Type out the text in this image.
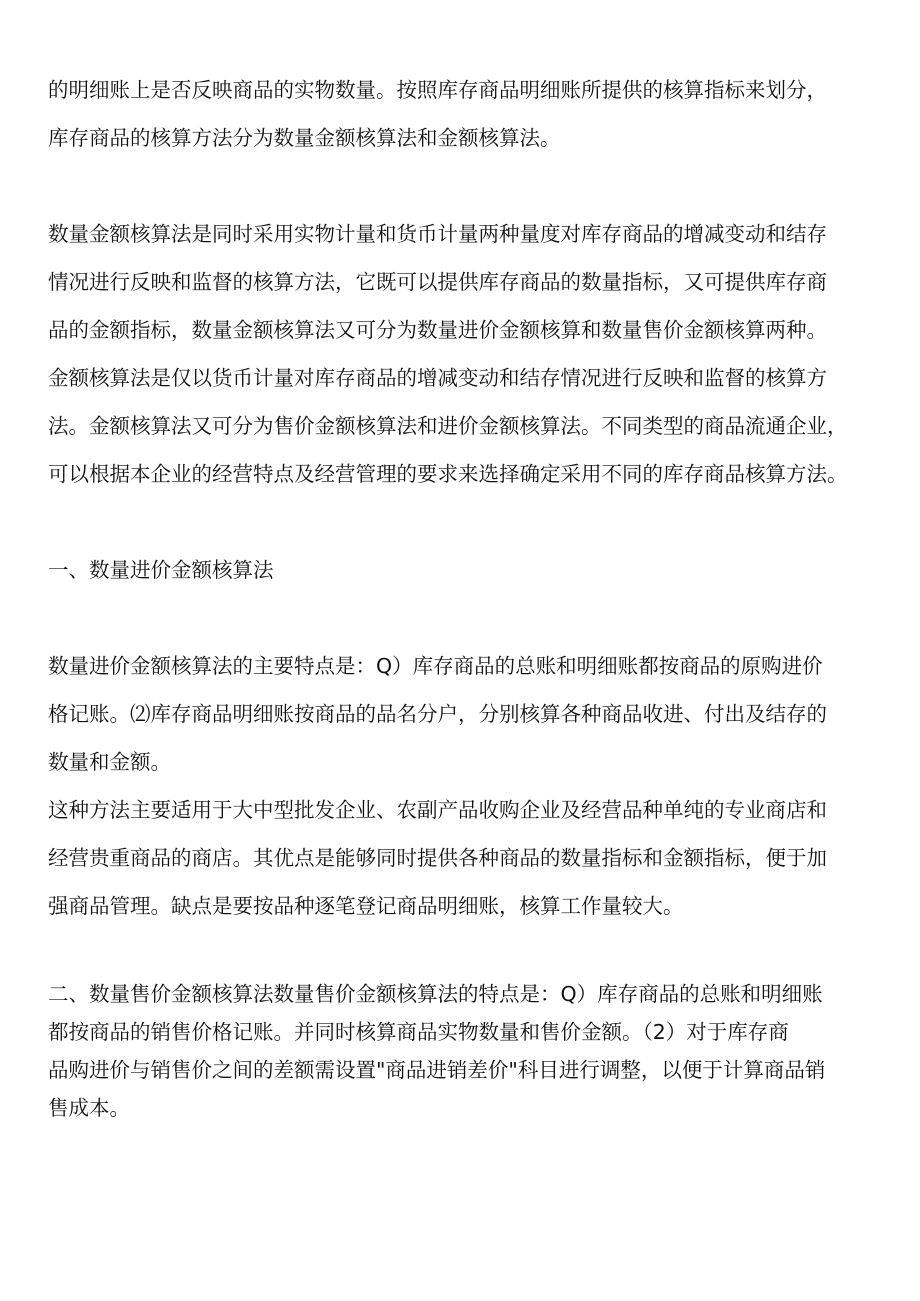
的明细账上是否反映商品的实物数量。按照库存商品明细账所提供的核算指标来划分，
库存商品的核算方法分为数量金额核算法和金额核算法。
数量金额核算法是同时采用实物计量和货币计量两种量度对库存商品的增减变动和结存
情况进行反映和监督的核算方法，它既可以提供库存商品的数量指标，又可提供库存商
品的金额指标，数量金额核算法又可分为数量进价金额核算和数量售价金额核算两种。
金额核算法是仅以货币计量对库存商品的增减变动和结存情况进行反映和监督的核算方
法。金额核算法又可分为售价金额核算法和进价金额核算法。不同类型的商品流通企业，
可以根据本企业的经营特点及经营管理的要求来选择确定采用不同的库存商品核算方法。
一、数量进价金额核算法
数量进价金额核算法的主要特点是：Q）库存商品的总账和明细账都按商品的原购进价
格记账。⑵库存商品明细账按商品的品名分户，分别核算各种商品收进、付出及结存的
数量和金额。
这种方法主要适用于大中型批发企业、农副产品收购企业及经营品种单纯的专业商店和
经营贵重商品的商店。其优点是能够同时提供各种商品的数量指标和金额指标，便于加
强商品管理。缺点是要按品种逐笔登记商品明细账，核算工作量较大。
二、数量售价金额核算法数量售价金额核算法的特点是：Q）库存商品的总账和明细账
都按商品的销售价格记账。并同时核算商品实物数量和售价金额。（2）对于库存商
品购进价与销售价之间的差额需设置"商品进销差价"科目进行调整，以便于计算商品销
售成本。
